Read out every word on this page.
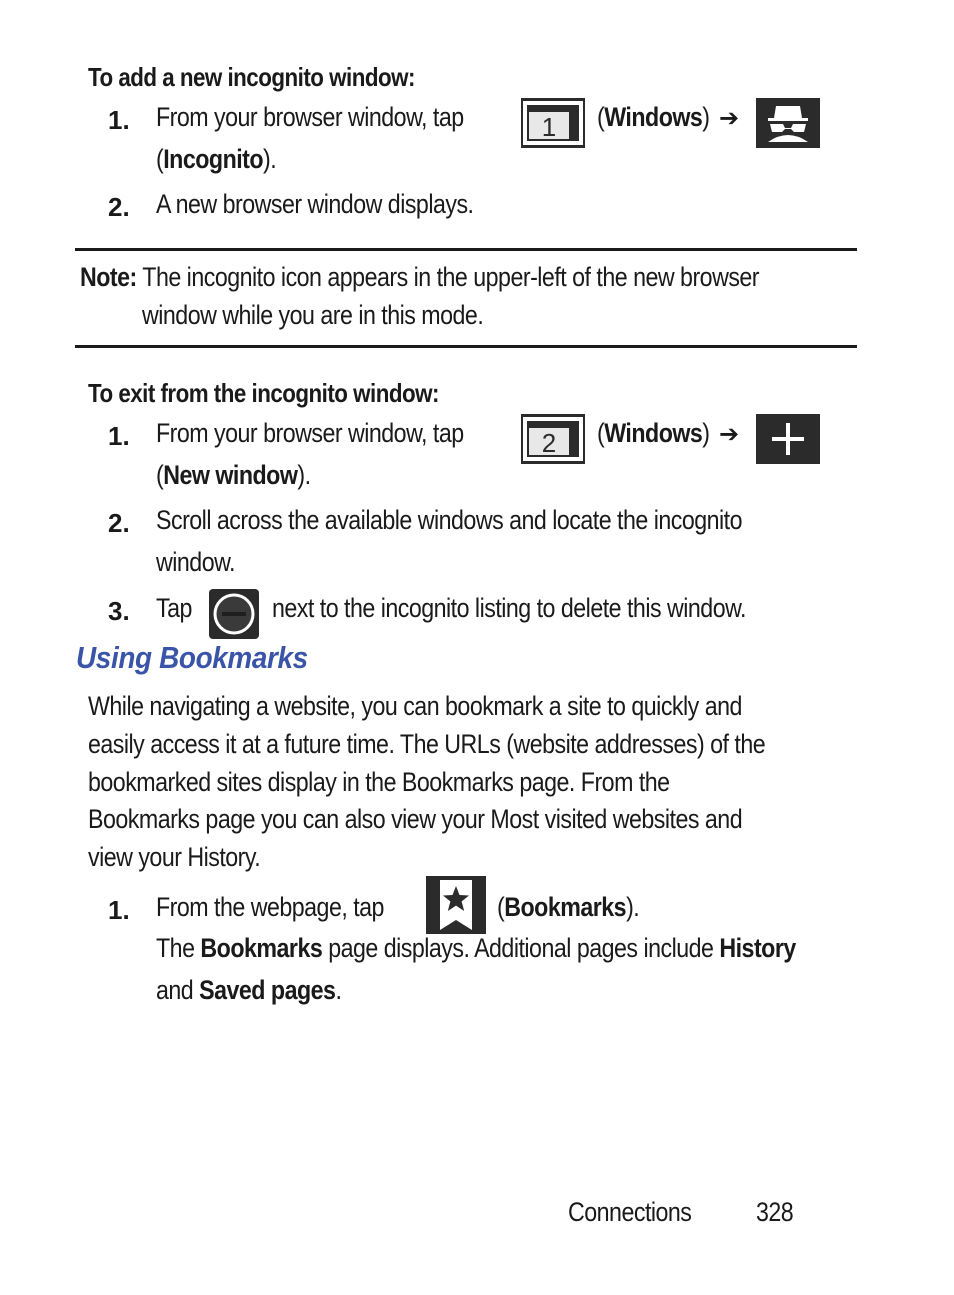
To add a new incognito window:
1. From your browser window, tap	1 (Windows) ➔
(Incognito).
2. A new browser window displays.
Note: The incognito icon appears in the upper-left of the new browser
window while you are in this mode.
To exit from the incognito window:
1. From your browser window, tap	2 (Windows) ➔
(New window).
2. Scroll across the available windows and locate the incognito
window.
3. Tap	next to the incognito listing to delete this window.
Using Bookmarks
While navigating a website, you can bookmark a site to quickly and
easily access it at a future time. The URLs (website addresses) of the
bookmarked sites display in the Bookmarks page. From the
Bookmarks page you can also view your Most visited websites and
view your History.
1. From the webpage, tap	(Bookmarks).
The Bookmarks page displays. Additional pages include History
and Saved pages.
Connections 328
